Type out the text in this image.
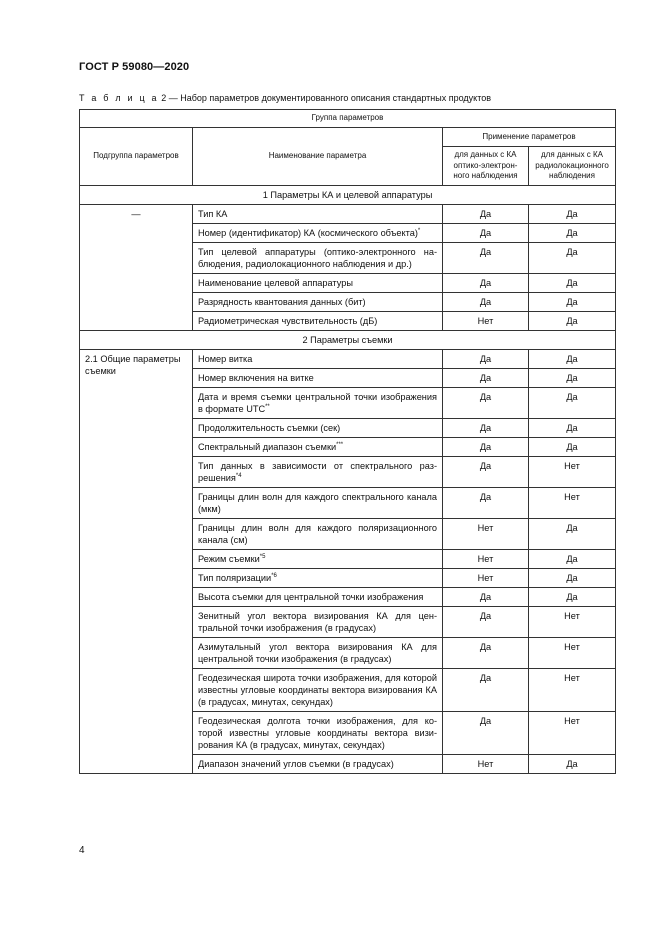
ГОСТ Р 59080—2020
Т а б л и ц а 2 — Набор параметров документированного описания стандартных продуктов
Группа параметров			
Подгруппа параметров	Наименование параметра	Применение параметров	
		для данных с КА оптико-электронного наблюдения	для данных с КА радиолокационного наблюдения
1 Параметры КА и целевой аппаратуры			
—	Тип КА	Да	Да
	Номер (идентификатор) КА (космического объекта)*	Да	Да
	Тип целевой аппаратуры (оптико-электронного наблюдения, радиолокационного наблюдения и др.)	Да	Да
	Наименование целевой аппаратуры	Да	Да
	Разрядность квантования данных (бит)	Да	Да
	Радиометрическая чувствительность (дБ)	Нет	Да
2 Параметры съемки			
2.1 Общие параметры съемки	Номер витка	Да	Да
	Номер включения на витке	Да	Да
	Дата и время съемки центральной точки изображения в формате UTC**	Да	Да
	Продолжительность съемки (сек)	Да	Да
	Спектральный диапазон съемки***	Да	Да
	Тип данных в зависимости от спектрального разрешения$^{*4}$	Да	Нет
	Границы длин волн для каждого спектрального канала (мкм)	Да	Нет
	Границы длин волн для каждого поляризационного канала (см)	Нет	Да
	Режим съемки$^{*5}$	Нет	Да
	Тип поляризации$^{*6}$	Нет	Да
	Высота съемки для центральной точки изображения	Да	Да
	Зенитный угол вектора визирования КА для центральной точки изображения (в градусах)	Да	Нет
	Азимутальный угол вектора визирования КА для центральной точки изображения (в градусах)	Да	Нет
	Геодезическая широта точки изображения, для которой известны угловые координаты вектора визирования КА (в градусах, минутах, секундах)	Да	Нет
	Геодезическая долгота точки изображения, для которой известны угловые координаты вектора визирования КА (в градусах, минутах, секундах)	Да	Нет
	Диапазон значений углов съемки (в градусах)	Нет	Да
4
